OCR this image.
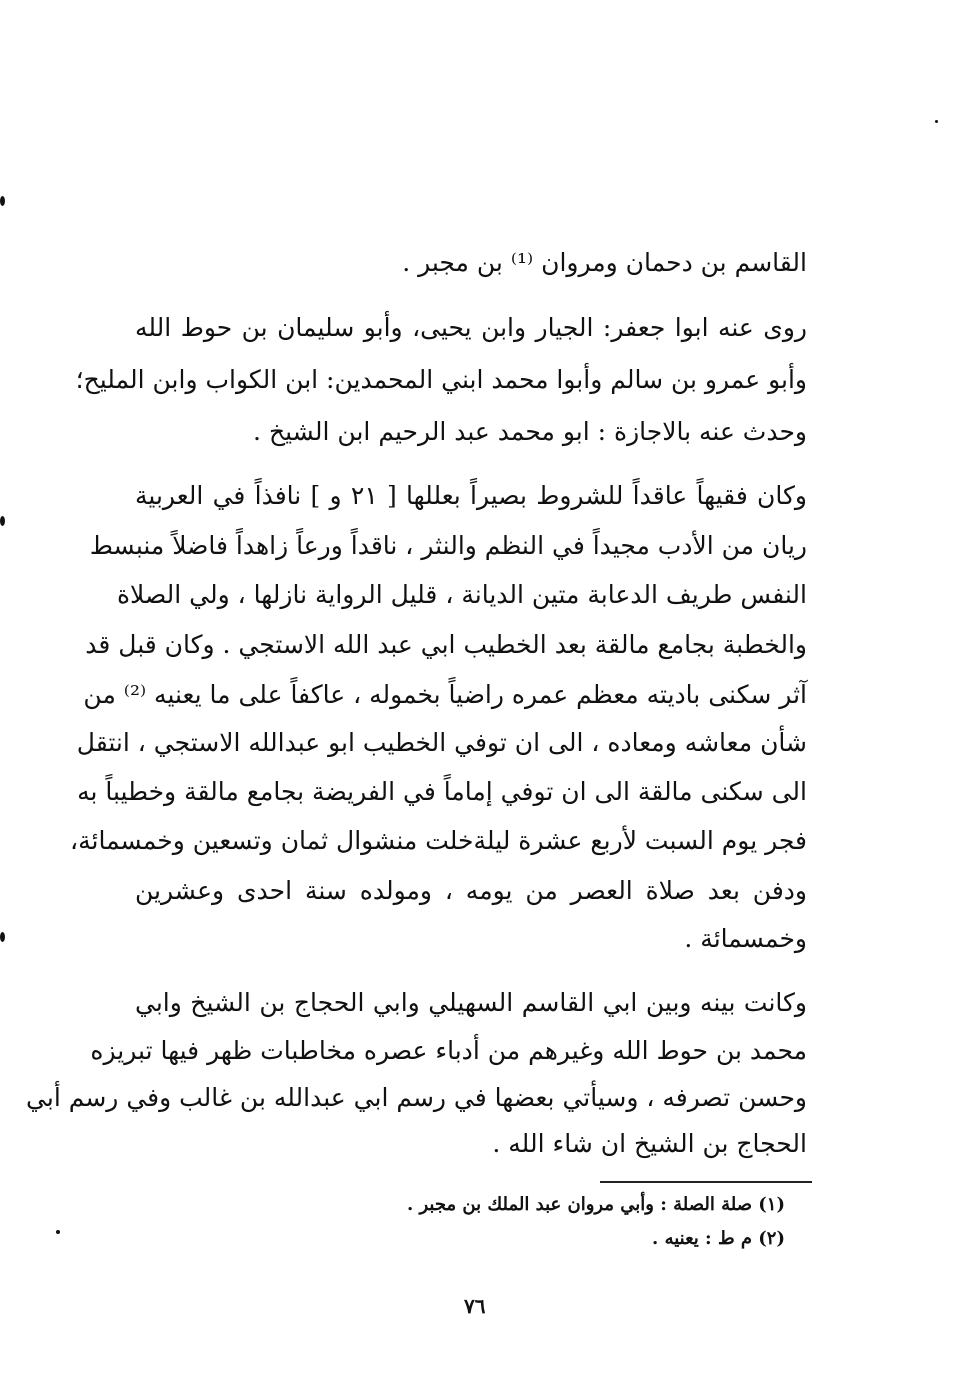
القاسم بن دحمان ومروان ⁽¹⁾ بن مجبر .
روى عنه ابوا جعفر: الجيار وابن يحيى، وأبو سليمان بن حوط الله
وأبو عمرو بن سالم وأبوا محمد ابني المحمدين: ابن الكواب وابن المليح؛
وحدث عنه بالاجازة : ابو محمد عبد الرحيم ابن الشيخ .
وكان فقيهاً عاقداً للشروط بصيراً بعللها [ ٢١ و ] نافذاً في العربية
ريان من الأدب مجيداً في النظم والنثر ، ناقداً ورعاً زاهداً فاضلاً منبسط
النفس طريف الدعابة متين الديانة ، قليل الرواية نازلها ، ولي الصلاة
والخطبة بجامع مالقة بعد الخطيب ابي عبد الله الاستجي . وكان قبل قد
آثر سكنى باديته معظم عمره راضياً بخموله ، عاكفاً على ما يعنيه ⁽²⁾ من
شأن معاشه ومعاده ، الى ان توفي الخطيب ابو عبدالله الاستجي ، انتقل
الى سكنى مالقة الى ان توفي إماماً في الفريضة بجامع مالقة وخطيباً به
فجر يوم السبت لأربع عشرة ليلةخلت منشوال ثمان وتسعين وخمسمائة،
ودفن بعد صلاة العصر من يومه ، ومولده سنة احدى وعشرين
وخمسمائة .
وكانت بينه وبين ابي القاسم السهيلي وابي الحجاج بن الشيخ وابي
محمد بن حوط الله وغيرهم من أدباء عصره مخاطبات ظهر فيها تبريزه
وحسن تصرفه ، وسيأتي بعضها في رسم ابي عبدالله بن غالب وفي رسم أبي
الحجاج بن الشيخ ان شاء الله .
(١) صلة الصلة : وأبي مروان عبد الملك بن مجبر .
(٢) م ط : يعنيه .
٧٦
